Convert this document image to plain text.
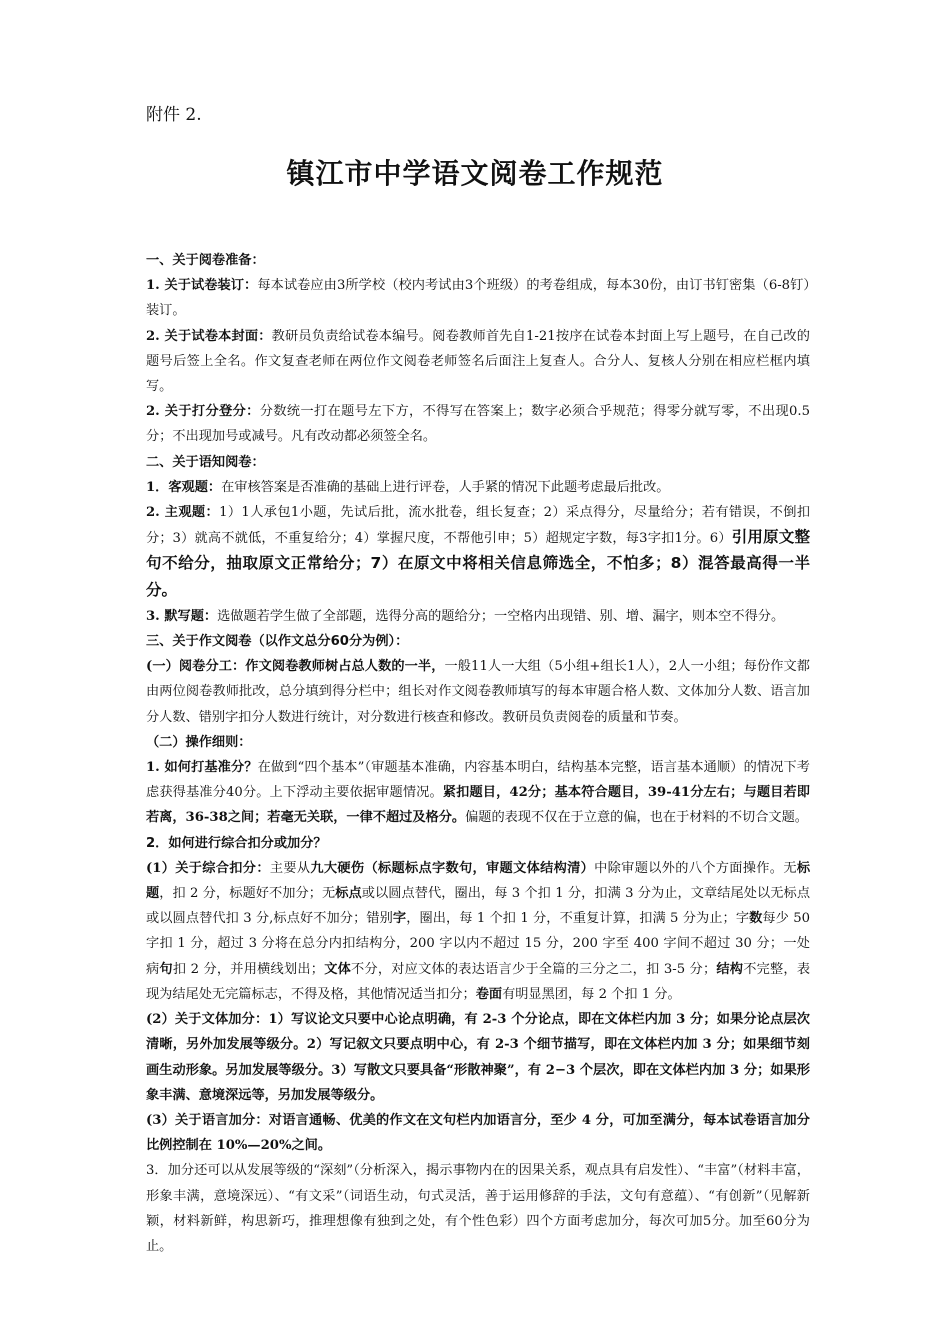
附件 2.
镇江市中学语文阅卷工作规范

一、关于阅卷准备：

1. 关于试卷装订：每本试卷应由3所学校（校内考试由3个班级）的考卷组成，每本30份，由订书钉密集（6-8钉）装订。

2. 关于试卷本封面：教研员负责给试卷本编号。阅卷教师首先自1-21按序在试卷本封面上写上题号，在自己改的题号后签上全名。作文复查老师在两位作文阅卷老师签名后面注上复查人。合分人、复核人分别在相应栏框内填写。

2. 关于打分登分：分数统一打在题号左下方，不得写在答案上；数字必须合乎规范；得零分就写零，不出现0.5分；不出现加号或减号。凡有改动都必须签全名。

二、关于语知阅卷：

1．客观题：在审核答案是否准确的基础上进行评卷，人手紧的情况下此题考虑最后批改。

2. 主观题：1）1人承包1小题，先试后批，流水批卷，组长复查；2）采点得分，尽量给分；若有错误，不倒扣分；3）就高不就低，不重复给分；4）掌握尺度，不帮他引申；5）超规定字数，每3字扣1分。6）引用原文整句不给分，抽取原文正常给分；7）在原文中将相关信息筛选全，不怕多；8）混答最高得一半分。

3. 默写题：选做题若学生做了全部题，选得分高的题给分；一空格内出现错、别、增、漏字，则本空不得分。

三、关于作文阅卷（以作文总分60分为例）：

(一）阅卷分工：作文阅卷教师树占总人数的一半，一般11人一大组（5小组+组长1人），2人一小组；每份作文都由两位阅卷教师批改，总分填到得分栏中；组长对作文阅卷教师填写的每本审题合格人数、文体加分人数、语言加分人数、错别字扣分人数进行统计，对分数进行核查和修改。教研员负责阅卷的质量和节奏。

（二）操作细则：

1. 如何打基准分？在做到“四个基本”（审题基本准确，内容基本明白，结构基本完整，语言基本通顺）的情况下考虑获得基准分40分。上下浮动主要依据审题情况。紧扣题目，42分；基本符合题目，39-41分左右；与题目若即若离，36-38之间；若毫无关联，一律不超过及格分。偏题的表现不仅在于立意的偏，也在于材料的不切合文题。

2．如何进行综合扣分或加分？

(1）关于综合扣分：主要从九大硬伤（标题标点字数句，审题文体结构清）中除审题以外的八个方面操作。无标题，扣 2 分，标题好不加分；无标点或以圆点替代，圈出，每 3 个扣 1 分，扣满 3 分为止，文章结尾处以无标点或以圆点替代扣 3 分,标点好不加分；错别字，圈出，每 1 个扣 1 分，不重复计算，扣满 5 分为止；字数每少 50 字扣 1 分，超过 3 分将在总分内扣结构分，200 字以内不超过 15 分，200 字至 400 字间不超过 30 分；一处病句扣 2 分，并用横线划出；文体不分，对应文体的表达语言少于全篇的三分之二，扣 3-5 分；结构不完整，表现为结尾处无完篇标志，不得及格，其他情况适当扣分；卷面有明显黑团，每 2 个扣 1 分。

(2）关于文体加分：1）写议论文只要中心论点明确，有 2-3 个分论点，即在文体栏内加 3 分；如果分论点层次清晰，另外加发展等级分。2）写记叙文只要点明中心，有 2-3 个细节描写，即在文体栏内加 3 分；如果细节刻画生动形象。另加发展等级分。3）写散文只要具备“形散神聚”，有 2−3 个层次，即在文体栏内加 3 分；如果形象丰满、意境深远等，另加发展等级分。

(3）关于语言加分：对语言通畅、优美的作文在文句栏内加语言分，至少 4 分，可加至满分，每本试卷语言加分比例控制在 10%—20%之间。

3．加分还可以从发展等级的“深刻”（分析深入，揭示事物内在的因果关系，观点具有启发性）、“丰富”（材料丰富，形象丰满，意境深远）、“有文采”（词语生动，句式灵活，善于运用修辞的手法，文句有意蕴）、“有创新”（见解新颖，材料新鲜，构思新巧，推理想像有独到之处，有个性色彩）四个方面考虑加分，每次可加5分。加至60分为止。
